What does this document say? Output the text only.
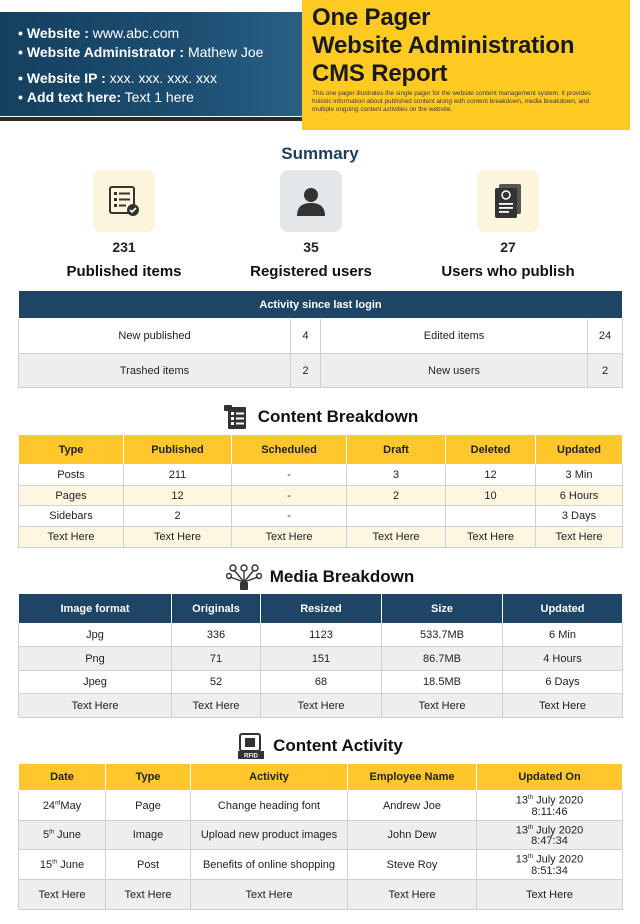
• Website : www.abc.com
• Website Administrator : Mathew Joe
• Website IP : xxx. xxx. xxx. xxx
• Add text here: Text 1 here
One Pager
Website Administration
CMS Report

This one pager illustrates the single pager for the website content management system. It provides holistic information about published content along with content breakdown, media breakdown, and multiple ongoing content activities on the website.

Summary
231
Published items
35
Registered users
27
Users who publish
Activity since last login			
New published	4	Edited items	24
Trashed items	2	New users	2
Content Breakdown
Type	Published	Scheduled	Draft	Deleted	Updated
Posts	211	-	3	12	3 Min
Pages	12	-	2	10	6 Hours
Sidebars	2	-			3 Days
Text Here	Text Here	Text Here	Text Here	Text Here	Text Here
Media Breakdown
Image format	Originals	Resized	Size	Updated
Jpg	336	1123	533.7MB	6 Min
Png	71	151	86.7MB	4 Hours
Jpeg	52	68	18.5MB	6 Days
Text Here	Text Here	Text Here	Text Here	Text Here
RFID
Content Activity
Date	Type	Activity	Employee Name	Updated On
24rdMay	Page	Change heading font	Andrew Joe	13th July 2020
8:11:46
5th June	Image	Upload new product images	John Dew	13th July 2020
8:47:34
15th June	Post	Benefits of online shopping	Steve Roy	13th July 2020
8:51:34
Text Here	Text Here	Text Here	Text Here	Text Here
